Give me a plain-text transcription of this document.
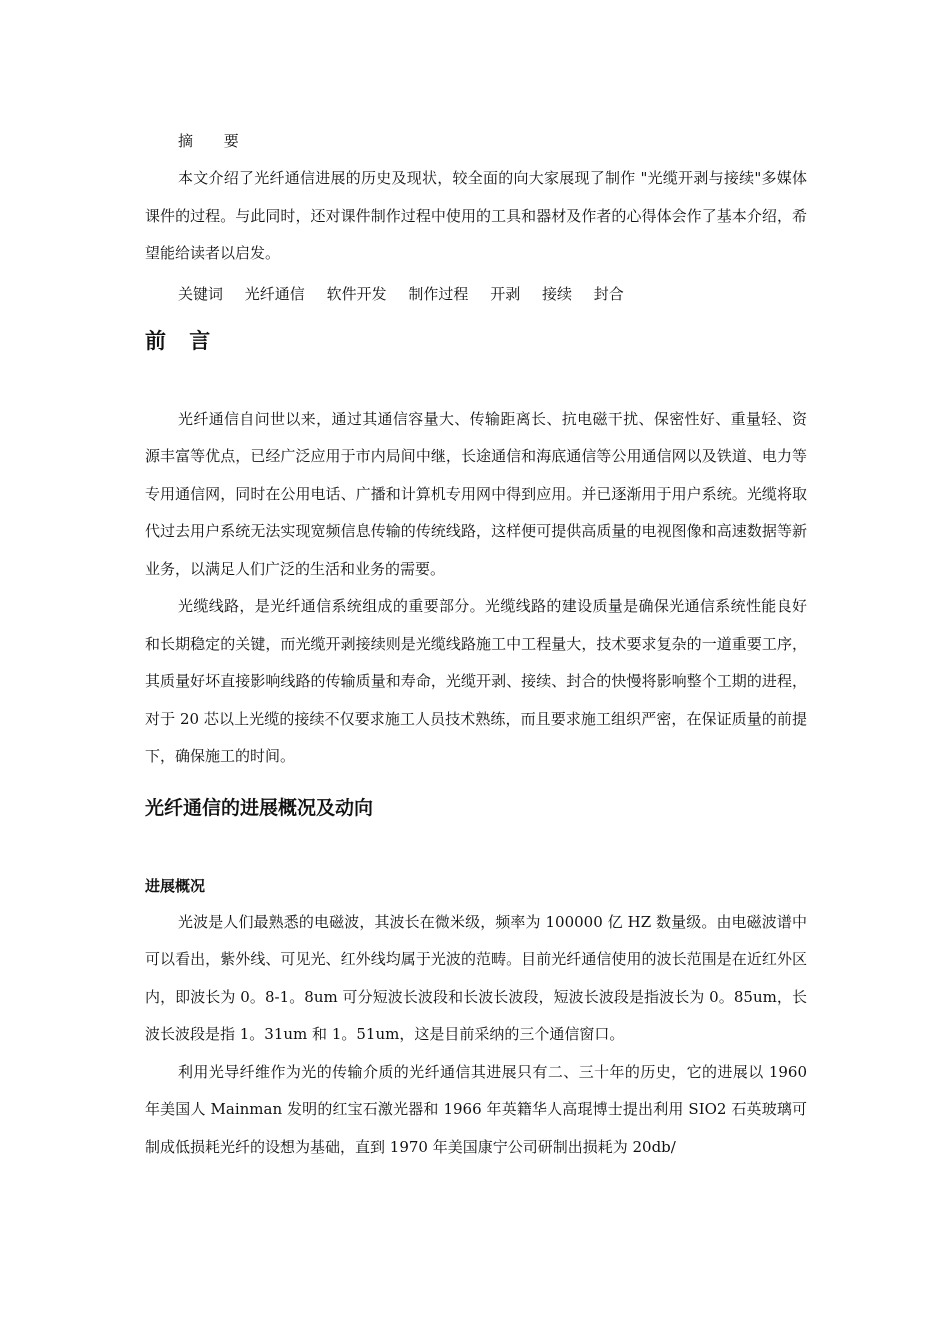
摘 要

本文介绍了光纤通信进展的历史及现状，较全面的向大家展现了制作 "光缆开剥与接续"多媒体课件的过程。与此同时，还对课件制作过程中使用的工具和器材及作者的心得体会作了基本介绍，希望能给读者以启发。

关键词 光纤通信 软件开发 制作过程 开剥 接续 封合

前 言

光纤通信自问世以来，通过其通信容量大、传输距离长、抗电磁干扰、保密性好、重量轻、资源丰富等优点，已经广泛应用于市内局间中继，长途通信和海底通信等公用通信网以及铁道、电力等专用通信网，同时在公用电话、广播和计算机专用网中得到应用。并已逐渐用于用户系统。光缆将取代过去用户系统无法实现宽频信息传输的传统线路，这样便可提供高质量的电视图像和高速数据等新业务，以满足人们广泛的生活和业务的需要。

光缆线路，是光纤通信系统组成的重要部分。光缆线路的建设质量是确保光通信系统性能良好和长期稳定的关键，而光缆开剥接续则是光缆线路施工中工程量大，技术要求复杂的一道重要工序，其质量好坏直接影响线路的传输质量和寿命，光缆开剥、接续、封合的快慢将影响整个工期的进程，对于 20 芯以上光缆的接续不仅要求施工人员技术熟练，而且要求施工组织严密，在保证质量的前提下，确保施工的时间。

光纤通信的进展概况及动向
进展概况

光波是人们最熟悉的电磁波，其波长在微米级，频率为 100000 亿 HZ 数量级。由电磁波谱中可以看出，紫外线、可见光、红外线均属于光波的范畴。目前光纤通信使用的波长范围是在近红外区内，即波长为 0。8-1。8um 可分短波长波段和长波长波段，短波长波段是指波长为 0。85um，长波长波段是指 1。31um 和 1。51um，这是目前采纳的三个通信窗口。

利用光导纤维作为光的传输介质的光纤通信其进展只有二、三十年的历史，它的进展以 1960 年美国人 Mainman 发明的红宝石激光器和 1966 年英籍华人高琨博士提出利用 SIO2 石英玻璃可制成低损耗光纤的设想为基础，直到 1970 年美国康宁公司研制出损耗为 20db/
